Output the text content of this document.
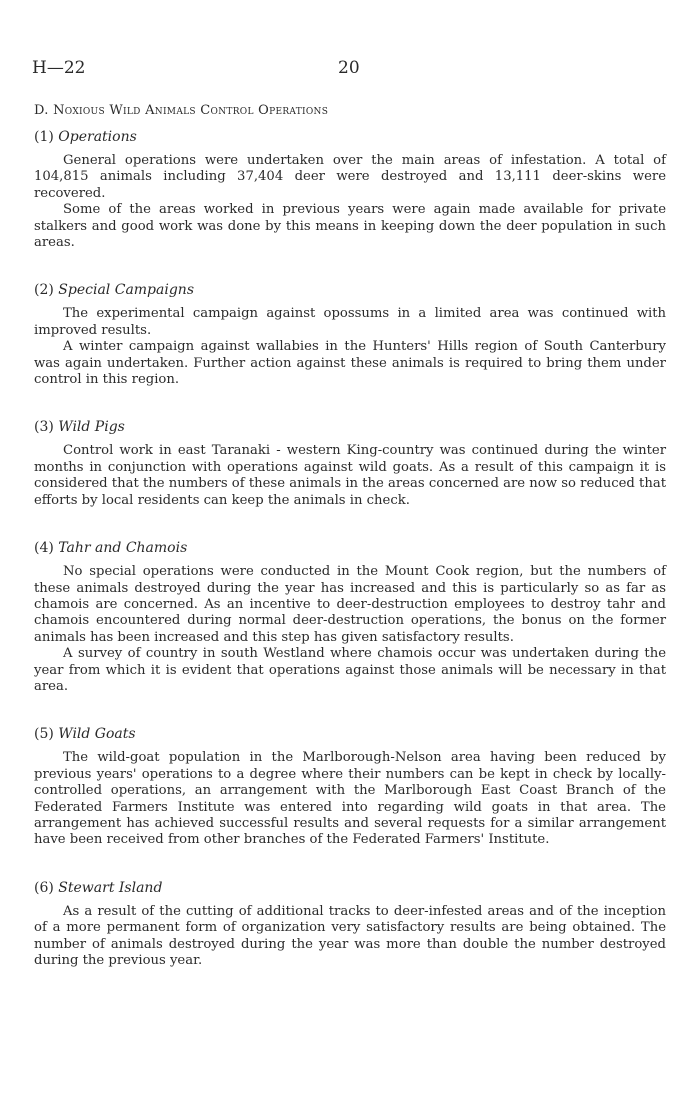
H—22	20
D. Noxious Wild Animals Control Operations
(1) Operations

General operations were undertaken over the main areas of infestation. A total of 104,815 animals including 37,404 deer were destroyed and 13,111 deer-skins were recovered.

Some of the areas worked in previous years were again made available for private stalkers and good work was done by this means in keeping down the deer population in such areas.

(2) Special Campaigns

The experimental campaign against opossums in a limited area was continued with improved results.

A winter campaign against wallabies in the Hunters' Hills region of South Canterbury was again undertaken. Further action against these animals is required to bring them under control in this region.

(3) Wild Pigs

Control work in east Taranaki - western King-country was continued during the winter months in conjunction with operations against wild goats. As a result of this campaign it is considered that the numbers of these animals in the areas concerned are now so reduced that efforts by local residents can keep the animals in check.

(4) Tahr and Chamois

No special operations were conducted in the Mount Cook region, but the numbers of these animals destroyed during the year has increased and this is particularly so as far as chamois are concerned. As an incentive to deer-destruction employees to destroy tahr and chamois encountered during normal deer-destruction operations, the bonus on the former animals has been increased and this step has given satisfactory results.

A survey of country in south Westland where chamois occur was undertaken during the year from which it is evident that operations against those animals will be necessary in that area.

(5) Wild Goats

The wild-goat population in the Marlborough-Nelson area having been reduced by previous years' operations to a degree where their numbers can be kept in check by locally-controlled operations, an arrangement with the Marlborough East Coast Branch of the Federated Farmers Institute was entered into regarding wild goats in that area. The arrangement has achieved successful results and several requests for a similar arrangement have been received from other branches of the Federated Farmers' Institute.

(6) Stewart Island

As a result of the cutting of additional tracks to deer-infested areas and of the inception of a more permanent form of organization very satisfactory results are being obtained. The number of animals destroyed during the year was more than double the number destroyed during the previous year.
